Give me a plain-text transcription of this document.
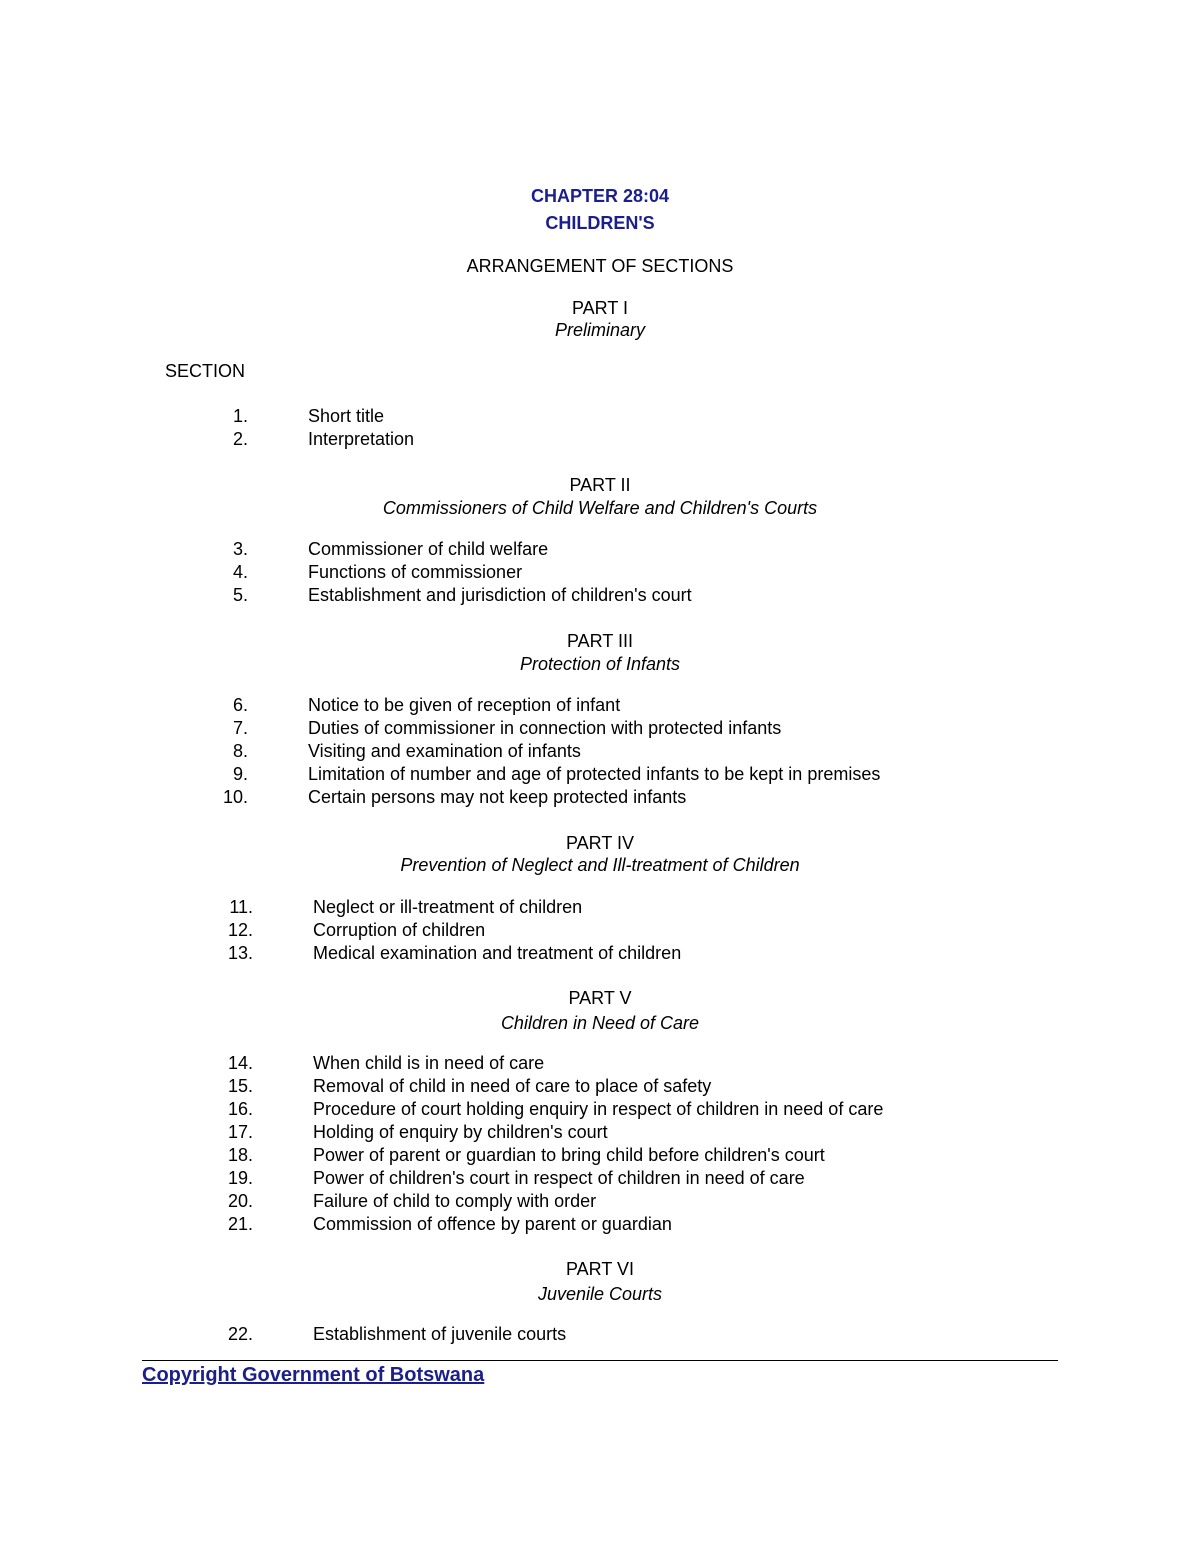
CHAPTER 28:04
CHILDREN'S
ARRANGEMENT OF SECTIONS
PART I
Preliminary
SECTION
1.	Short title
2.	Interpretation
PART II
Commissioners of Child Welfare and Children's Courts
3.	Commissioner of child welfare
4.	Functions of commissioner
5.	Establishment and jurisdiction of children's court
PART III
Protection of Infants
6.	Notice to be given of reception of infant
7.	Duties of commissioner in connection with protected infants
8.	Visiting and examination of infants
9.	Limitation of number and age of protected infants to be kept in premises
10.	Certain persons may not keep protected infants
PART IV
Prevention of Neglect and Ill-treatment of Children
11.	Neglect or ill-treatment of children
12.	Corruption of children
13.	Medical examination and treatment of children
PART V
Children in Need of Care
14.	When child is in need of care
15.	Removal of child in need of care to place of safety
16.	Procedure of court holding enquiry in respect of children in need of care
17.	Holding of enquiry by children's court
18.	Power of parent or guardian to bring child before children's court
19.	Power of children's court in respect of children in need of care
20.	Failure of child to comply with order
21.	Commission of offence by parent or guardian
PART VI
Juvenile Courts
22.	Establishment of juvenile courts
Copyright Government of Botswana
